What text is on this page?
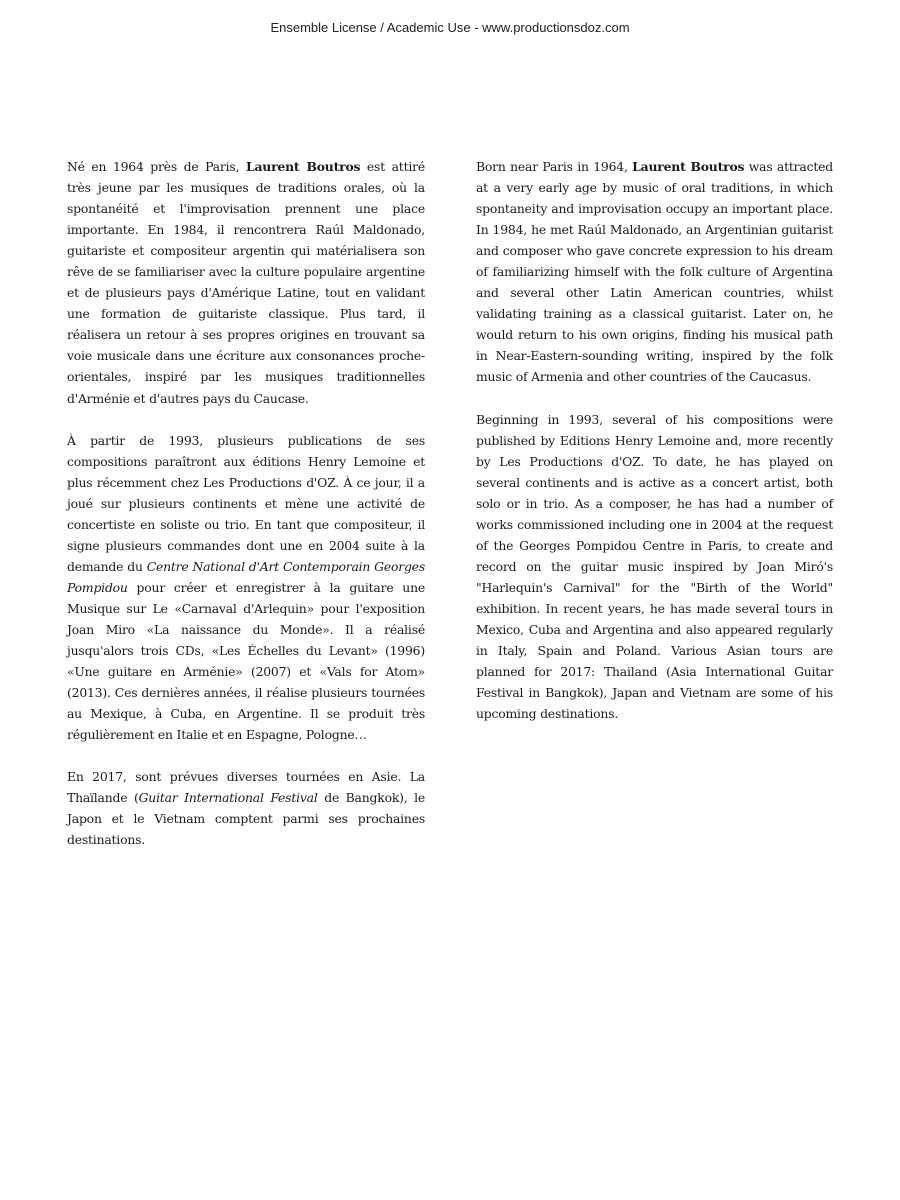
Ensemble License / Academic Use - www.productionsdoz.com

Né en 1964 près de Paris, Laurent Boutros est attiré très jeune par les musiques de traditions orales, où la spontanéité et l'improvisation prennent une place importante. En 1984, il rencontrera Raúl Maldonado, guitariste et compositeur argentin qui matérialisera son rêve de se familiariser avec la culture populaire argentine et de plusieurs pays d'Amérique Latine, tout en validant une formation de guitariste classique. Plus tard, il réalisera un retour à ses propres origines en trouvant sa voie musicale dans une écriture aux consonances proche-orientales, inspiré par les musiques traditionnelles d'Arménie et d'autres pays du Caucase.

À partir de 1993, plusieurs publications de ses compositions paraîtront aux éditions Henry Lemoine et plus récemment chez Les Productions d'OZ. À ce jour, il a joué sur plusieurs continents et mène une activité de concertiste en soliste ou trio. En tant que compositeur, il signe plusieurs commandes dont une en 2004 suite à la demande du Centre National d'Art Contemporain Georges Pompidou pour créer et enregistrer à la guitare une Musique sur Le «Carnaval d'Arlequin» pour l'exposition Joan Miro «La naissance du Monde». Il a réalisé jusqu'alors trois CDs, «Les Échelles du Levant» (1996) «Une guitare en Arménie» (2007) et «Vals for Atom» (2013). Ces dernières années, il réalise plusieurs tournées au Mexique, à Cuba, en Argentine. Il se produit très régulièrement en Italie et en Espagne, Pologne…

En 2017, sont prévues diverses tournées en Asie. La Thaïlande (Guitar International Festival de Bangkok), le Japon et le Vietnam comptent parmi ses prochaines destinations.

Born near Paris in 1964, Laurent Boutros was attracted at a very early age by music of oral traditions, in which spontaneity and improvisation occupy an important place. In 1984, he met Raúl Maldonado, an Argentinian guitarist and composer who gave concrete expression to his dream of familiarizing himself with the folk culture of Argentina and several other Latin American countries, whilst validating training as a classical guitarist. Later on, he would return to his own origins, finding his musical path in Near-Eastern-sounding writing, inspired by the folk music of Armenia and other countries of the Caucasus.

Beginning in 1993, several of his compositions were published by Editions Henry Lemoine and, more recently by Les Productions d'OZ. To date, he has played on several continents and is active as a concert artist, both solo or in trio. As a composer, he has had a number of works commissioned including one in 2004 at the request of the Georges Pompidou Centre in Paris, to create and record on the guitar music inspired by Joan Miró's "Harlequin's Carnival" for the "Birth of the World" exhibition. In recent years, he has made several tours in Mexico, Cuba and Argentina and also appeared regularly in Italy, Spain and Poland. Various Asian tours are planned for 2017: Thailand (Asia International Guitar Festival in Bangkok), Japan and Vietnam are some of his upcoming destinations.
